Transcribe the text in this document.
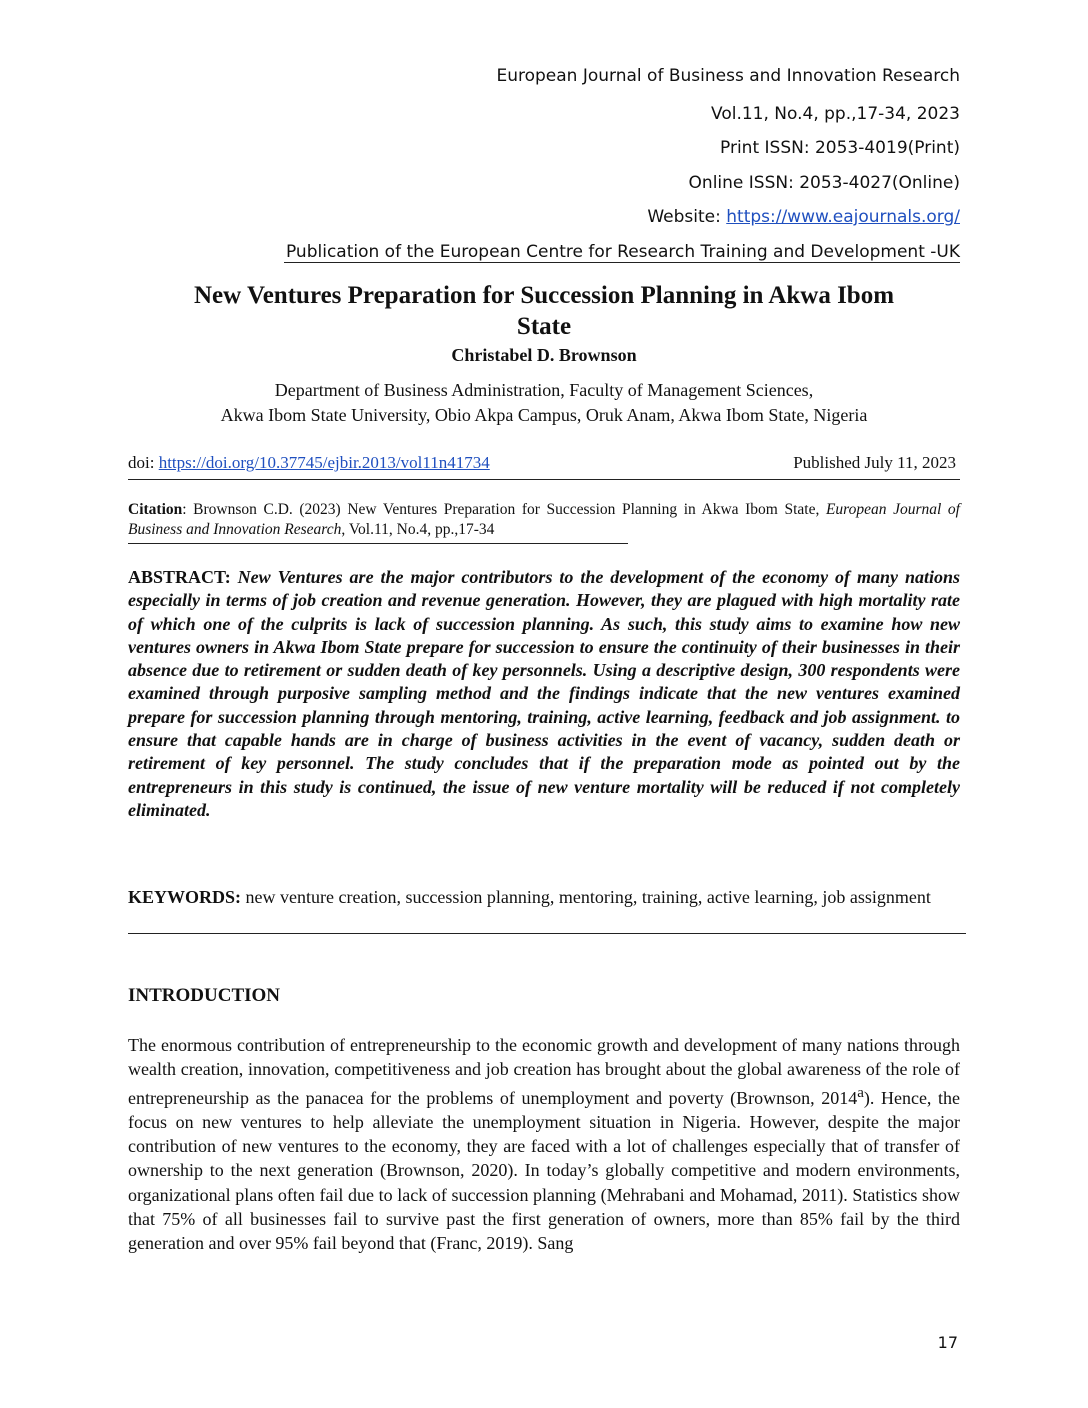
European Journal of Business and Innovation Research
Vol.11, No.4, pp.,17-34, 2023
Print ISSN: 2053-4019(Print)
Online ISSN: 2053-4027(Online)
Website: https://www.eajournals.org/
Publication of the European Centre for Research Training and Development -UK
New Ventures Preparation for Succession Planning in Akwa Ibom
State
Christabel D. Brownson
Department of Business Administration, Faculty of Management Sciences,
Akwa Ibom State University, Obio Akpa Campus, Oruk Anam, Akwa Ibom State, Nigeria
doi: https://doi.org/10.37745/ejbir.2013/vol11n41734	Published July 11, 2023
Citation: Brownson C.D. (2023) New Ventures Preparation for Succession Planning in Akwa Ibom State, European Journal of Business and Innovation Research, Vol.11, No.4, pp.,17-34
ABSTRACT: New Ventures are the major contributors to the development of the economy of many nations especially in terms of job creation and revenue generation. However, they are plagued with high mortality rate of which one of the culprits is lack of succession planning. As such, this study aims to examine how new ventures owners in Akwa Ibom State prepare for succession to ensure the continuity of their businesses in their absence due to retirement or sudden death of key personnels. Using a descriptive design, 300 respondents were examined through purposive sampling method and the findings indicate that the new ventures examined prepare for succession planning through mentoring, training, active learning, feedback and job assignment. to ensure that capable hands are in charge of business activities in the event of vacancy, sudden death or retirement of key personnel. The study concludes that if the preparation mode as pointed out by the entrepreneurs in this study is continued, the issue of new venture mortality will be reduced if not completely eliminated.
KEYWORDS: new venture creation, succession planning, mentoring, training, active learning, job assignment
INTRODUCTION
The enormous contribution of entrepreneurship to the economic growth and development of many nations through wealth creation, innovation, competitiveness and job creation has brought about the global awareness of the role of entrepreneurship as the panacea for the problems of unemployment and poverty (Brownson, 2014$^a$). Hence, the focus on new ventures to help alleviate the unemployment situation in Nigeria. However, despite the major contribution of new ventures to the economy, they are faced with a lot of challenges especially that of transfer of ownership to the next generation (Brownson, 2020). In today’s globally competitive and modern environments, organizational plans often fail due to lack of succession planning (Mehrabani and Mohamad, 2011). Statistics show that 75% of all businesses fail to survive past the first generation of owners, more than 85% fail by the third generation and over 95% fail beyond that (Franc, 2019). Sang
17
